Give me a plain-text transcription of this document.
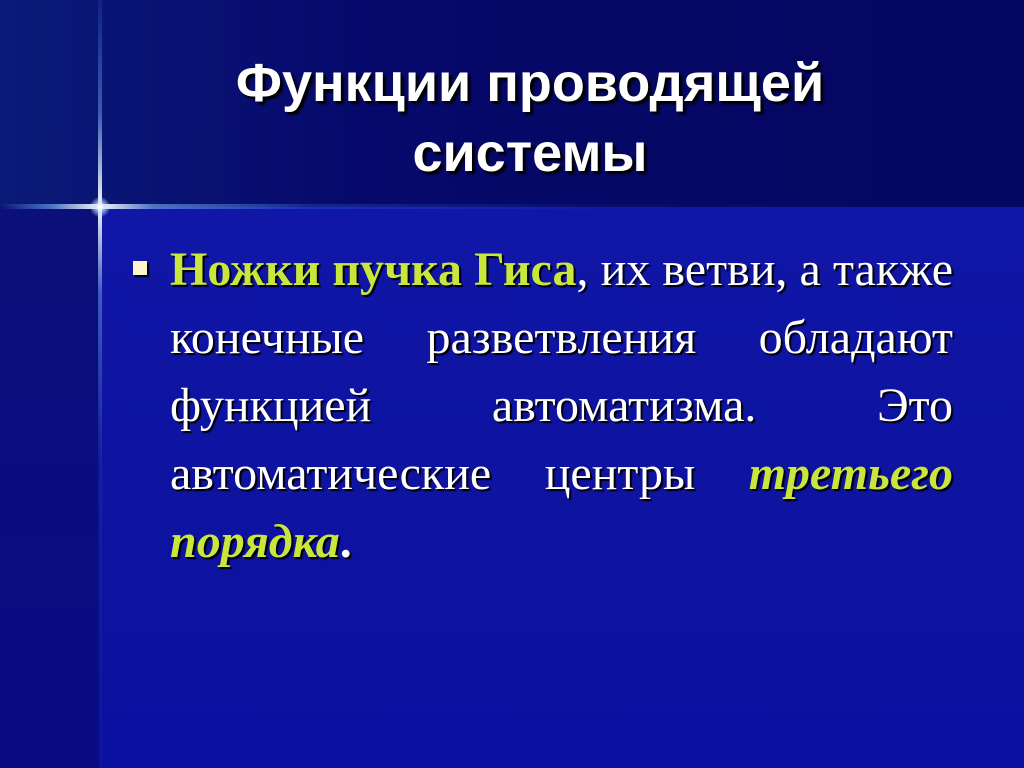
Функции проводящей системы

Ножки пучка Гиса, их ветви, а также конечные разветвления обладают функцией автоматизма. Это автоматические центры третьего порядка.
